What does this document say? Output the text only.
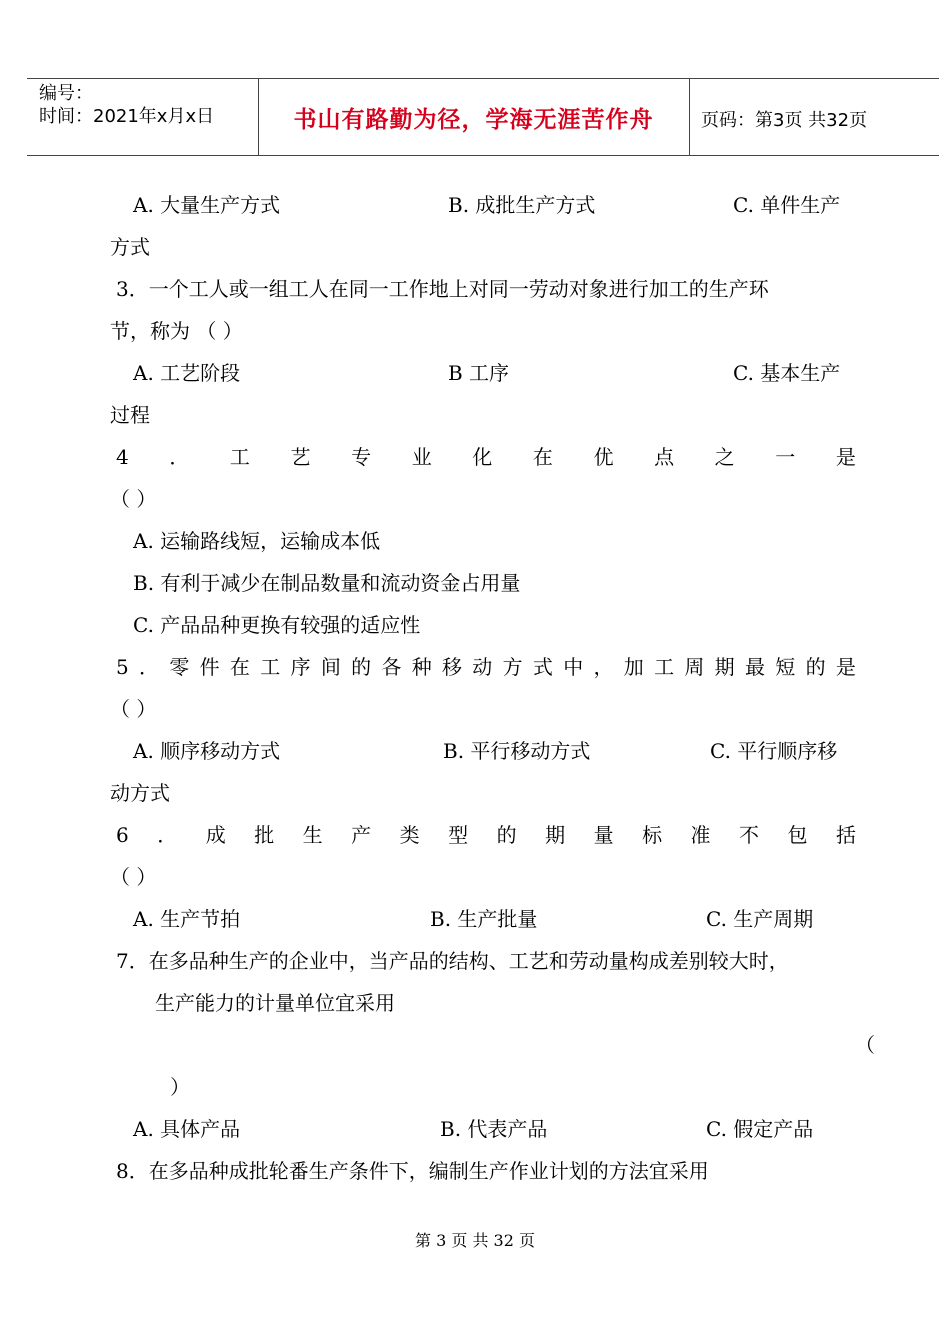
编号：
时间：2021年x月x日	书山有路勤为径，学海无涯苦作舟	页码：第3页 共32页
A. 大量生产方式	B. 成批生产方式	C. 单件生产
方式
3．一个工人或一组工人在同一工作地上对同一劳动对象进行加工的生产环
节，称为 （ ）
A. 工艺阶段	B 工序	C. 基本生产
过程
4 ． 工 艺 专 业 化 在 优 点 之 一 是
（ ）
A. 运输路线短，运输成本低
B. 有利于减少在制品数量和流动资金占用量
C. 产品品种更换有较强的适应性
5 ． 零 件 在 工 序 间 的 各 种 移 动 方 式 中 ， 加 工 周 期 最 短 的 是
（ ）
A. 顺序移动方式	B. 平行移动方式	C. 平行顺序移
动方式
6 ． 成 批 生 产 类 型 的 期 量 标 准 不 包 括
（ ）
A. 生产节拍	B. 生产批量	C. 生产周期
7．在多品种生产的企业中，当产品的结构、工艺和劳动量构成差别较大时，
生产能力的计量单位宜采用
（
）
A. 具体产品	B. 代表产品	C. 假定产品
8．在多品种成批轮番生产条件下，编制生产作业计划的方法宜采用
第 3 页 共 32 页
